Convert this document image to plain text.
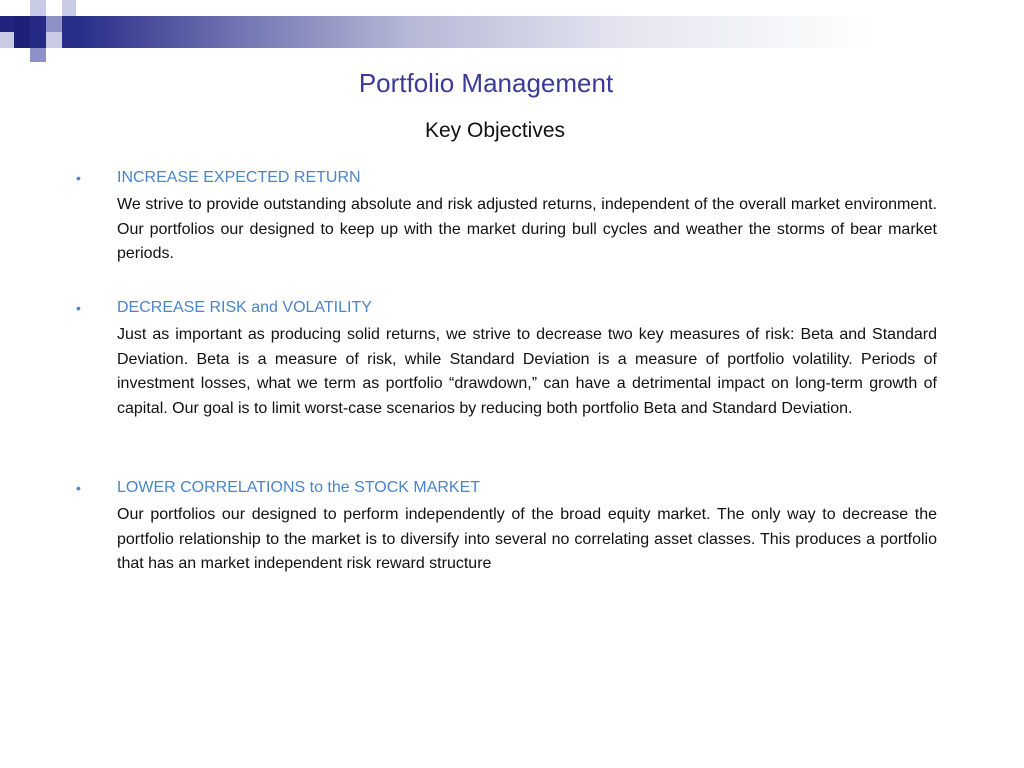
Portfolio Management
Key Objectives
• INCREASE EXPECTED RETURN
We strive to provide outstanding absolute and risk adjusted returns, independent of the overall market environment. Our portfolios our designed to keep up with the market during bull cycles and weather the storms of bear market periods.
• DECREASE RISK and VOLATILITY
Just as important as producing solid returns, we strive to decrease two key measures of risk: Beta and Standard Deviation. Beta is a measure of risk, while Standard Deviation is a measure of portfolio volatility. Periods of investment losses, what we term as portfolio “drawdown,” can have a detrimental impact on long-term growth of capital. Our goal is to limit worst-case scenarios by reducing both portfolio Beta and Standard Deviation.
• LOWER CORRELATIONS to the STOCK MARKET
Our portfolios our designed to perform independently of the broad equity market. The only way to decrease the portfolio relationship to the market is to diversify into several no correlating asset classes. This produces a portfolio that has an market independent risk reward structure
